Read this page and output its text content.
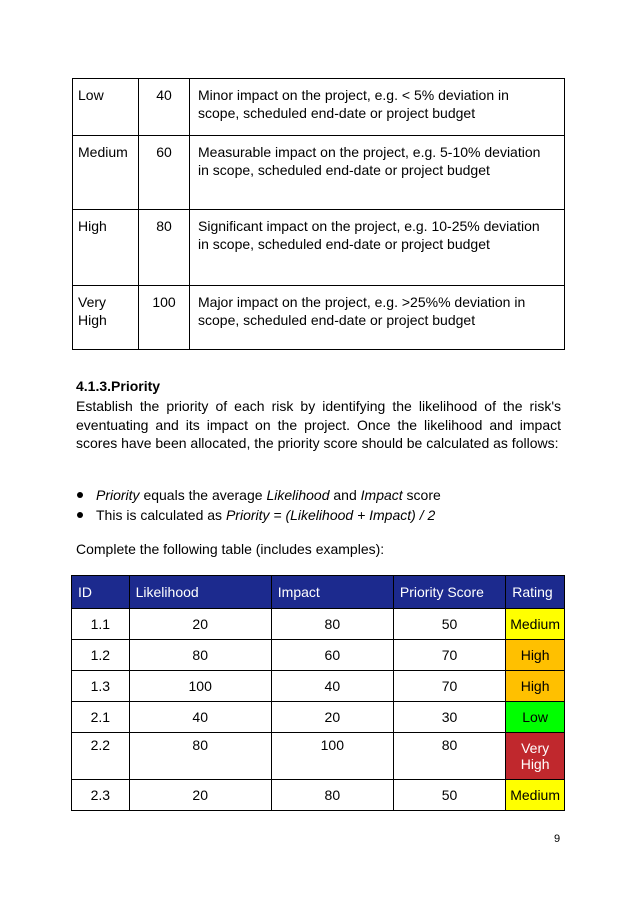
Low	40	Minor impact on the project, e.g. < 5% deviation in scope, scheduled end-date or project budget
Medium	60	Measurable impact on the project, e.g. 5-10% deviation in scope, scheduled end-date or project budget
High	80	Significant impact on the project, e.g. 10-25% deviation in scope, scheduled end-date or project budget
Very High	100	Major impact on the project, e.g. >25%% deviation in scope, scheduled end-date or project budget
4.1.3.Priority

Establish the priority of each risk by identifying the likelihood of the risk's eventuating and its impact on the project. Once the likelihood and impact scores have been allocated, the priority score should be calculated as follows:

Priority equals the average Likelihood and Impact score
This is calculated as Priority = (Likelihood + Impact) / 2
Complete the following table (includes examples):
ID	Likelihood	Impact	Priority Score	Rating
1.1	20	80	50	Medium
1.2	80	60	70	High
1.3	100	40	70	High
2.1	40	20	30	Low
2.2	80	100	80	Very High
2.3	20	80	50	Medium
9
